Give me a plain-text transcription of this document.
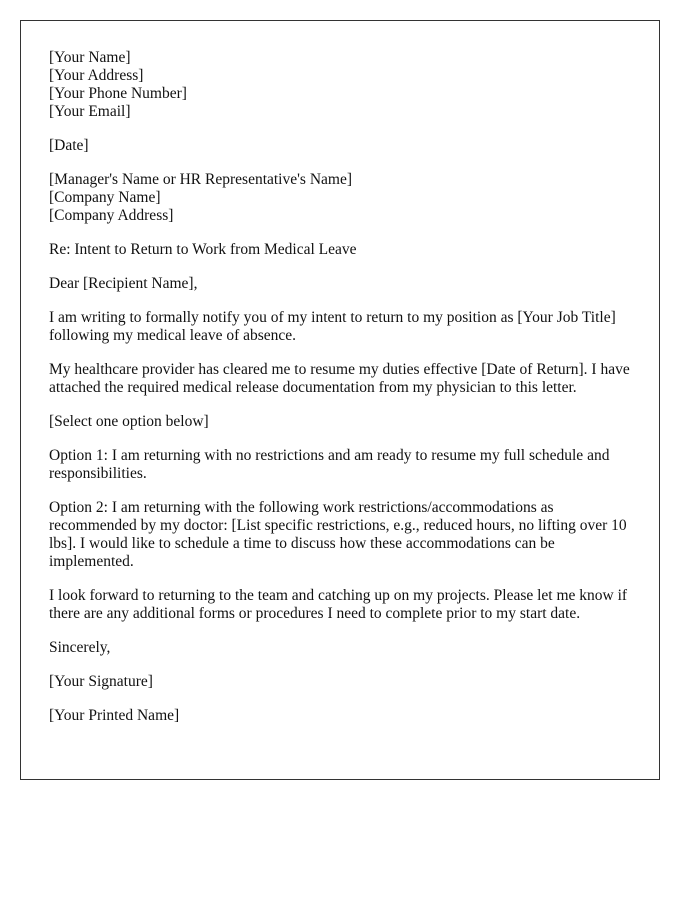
[Your Name]
[Your Address]
[Your Phone Number]
[Your Email]
[Date]
[Manager's Name or HR Representative's Name]
[Company Name]
[Company Address]

Re: Intent to Return to Work from Medical Leave

Dear [Recipient Name],

I am writing to formally notify you of my intent to return to my position as [Your Job Title] following my medical leave of absence.

My healthcare provider has cleared me to resume my duties effective [Date of Return]. I have attached the required medical release documentation from my physician to this letter.

[Select one option below]

Option 1: I am returning with no restrictions and am ready to resume my full schedule and responsibilities.

Option 2: I am returning with the following work restrictions/accommodations as recommended by my doctor: [List specific restrictions, e.g., reduced hours, no lifting over 10 lbs]. I would like to schedule a time to discuss how these accommodations can be implemented.

I look forward to returning to the team and catching up on my projects. Please let me know if there are any additional forms or procedures I need to complete prior to my start date.

Sincerely,

[Your Signature]

[Your Printed Name]
